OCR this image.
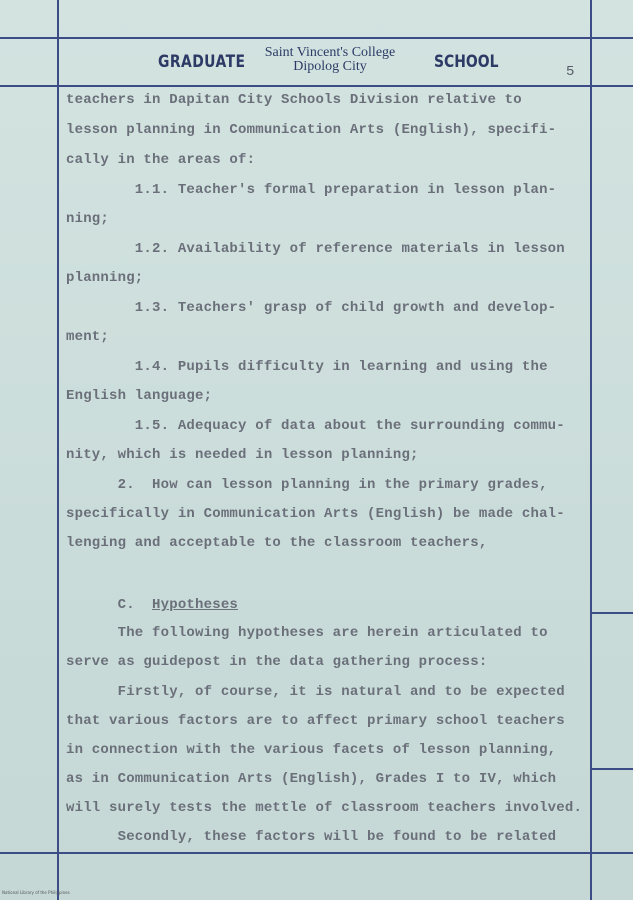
GRADUATE	Saint Vincent's College
Dipolog City	SCHOOL	5
teachers in Dapitan City Schools Division relative to
lesson planning in Communication Arts (English), specifi-
cally in the areas of:
1.1. Teacher's formal preparation in lesson plan-
ning;
1.2. Availability of reference materials in lesson
planning;
1.3. Teachers' grasp of child growth and develop-
ment;
1.4. Pupils difficulty in learning and using the
English language;
1.5. Adequacy of data about the surrounding commu-
nity, which is needed in lesson planning;
2.  How can lesson planning in the primary grades,
specifically in Communication Arts (English) be made chal-
lenging and acceptable to the classroom teachers,

C. Hypotheses

The following hypotheses are herein articulated to
serve as guidepost in the data gathering process:
Firstly, of course, it is natural and to be expected
that various factors are to affect primary school teachers
in connection with the various facets of lesson planning,
as in Communication Arts (English), Grades I to IV, which
will surely tests the mettle of classroom teachers involved.
Secondly, these factors will be found to be related
National Library of the Philippines
